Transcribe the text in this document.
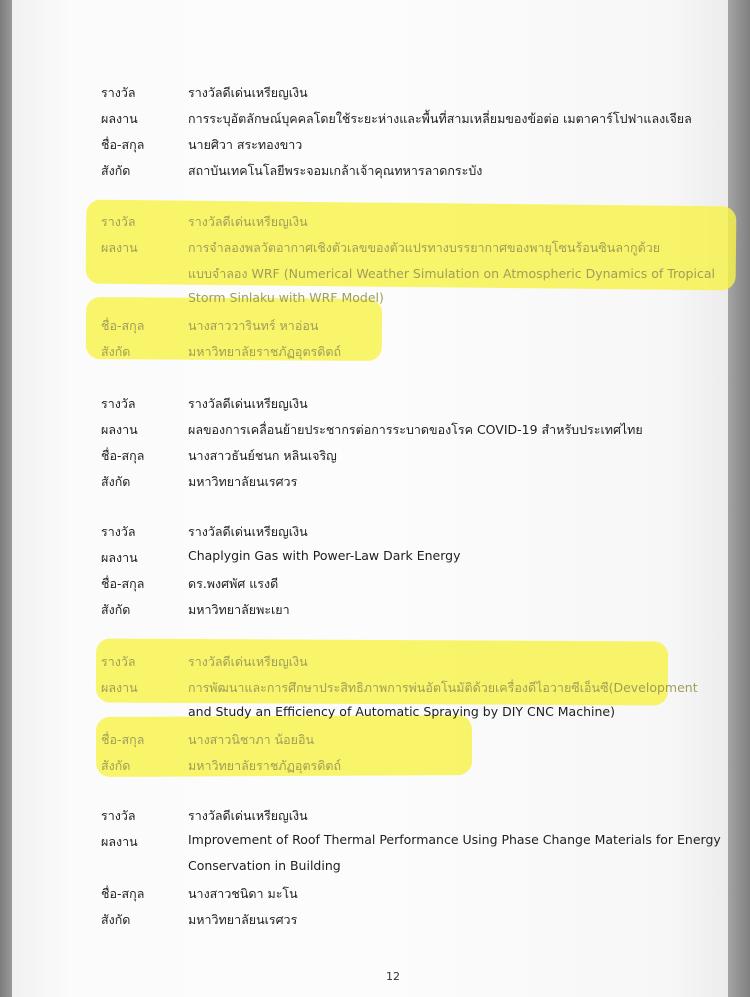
รางวัล	รางวัลดีเด่นเหรียญเงิน
ผลงาน	การระบุอัตลักษณ์บุคคลโดยใช้ระยะห่างและพื้นที่สามเหลี่ยมของข้อต่อ เมตาคาร์โปฟาแลงเจียล
ชื่อ-สกุล	นายศิวา สระทองขาว
สังกัด	สถาบันเทคโนโลยีพระจอมเกล้าเจ้าคุณทหารลาดกระบัง
รางวัล	รางวัลดีเด่นเหรียญเงิน
ผลงาน	การจำลองพลวัตอากาศเชิงตัวเลขของตัวแปรทางบรรยากาศของพายุโซนร้อนซินลากูด้วย
แบบจำลอง WRF (Numerical Weather Simulation on Atmospheric Dynamics of Tropical
Storm Sinlaku with WRF Model)
ชื่อ-สกุล	นางสาววารินทร์ หาอ่อน
สังกัด	มหาวิทยาลัยราชภัฏอุตรดิตถ์
รางวัล	รางวัลดีเด่นเหรียญเงิน
ผลงาน	ผลของการเคลื่อนย้ายประชากรต่อการระบาดของโรค COVID-19 สำหรับประเทศไทย
ชื่อ-สกุล	นางสาวธันย์ชนก หลินเจริญ
สังกัด	มหาวิทยาลัยนเรศวร
รางวัล	รางวัลดีเด่นเหรียญเงิน
ผลงาน	Chaplygin Gas with Power-Law Dark Energy
ชื่อ-สกุล	ดร.พงศพัศ แรงดี
สังกัด	มหาวิทยาลัยพะเยา
รางวัล	รางวัลดีเด่นเหรียญเงิน
ผลงาน	การพัฒนาและการศึกษาประสิทธิภาพการพ่นอัตโนมัติด้วยเครื่องดีไอวายซีเอ็นซี(Development
and Study an Efficiency of Automatic Spraying by DIY CNC Machine)
ชื่อ-สกุล	นางสาวนิชาภา น้อยอิน
สังกัด	มหาวิทยาลัยราชภัฏอุตรดิตถ์
รางวัล	รางวัลดีเด่นเหรียญเงิน
ผลงาน	Improvement of Roof Thermal Performance Using Phase Change Materials for Energy
Conservation in Building
ชื่อ-สกุล	นางสาวชนิดา มะโน
สังกัด	มหาวิทยาลัยนเรศวร
12
